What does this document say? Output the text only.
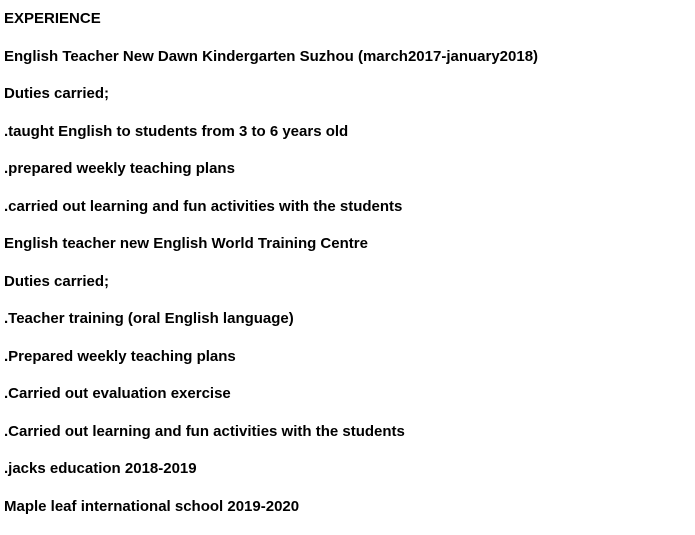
EXPERIENCE
English Teacher New Dawn Kindergarten Suzhou (march2017-january2018)
Duties carried;
.taught English to students from 3 to 6 years old
.prepared weekly teaching plans
.carried out learning and fun activities with the students
English teacher new English World Training Centre
Duties carried;
.Teacher training (oral English language)
.Prepared weekly teaching plans
.Carried out evaluation exercise
.Carried out learning and fun activities with the students
.jacks education 2018-2019
Maple leaf international school 2019-2020
